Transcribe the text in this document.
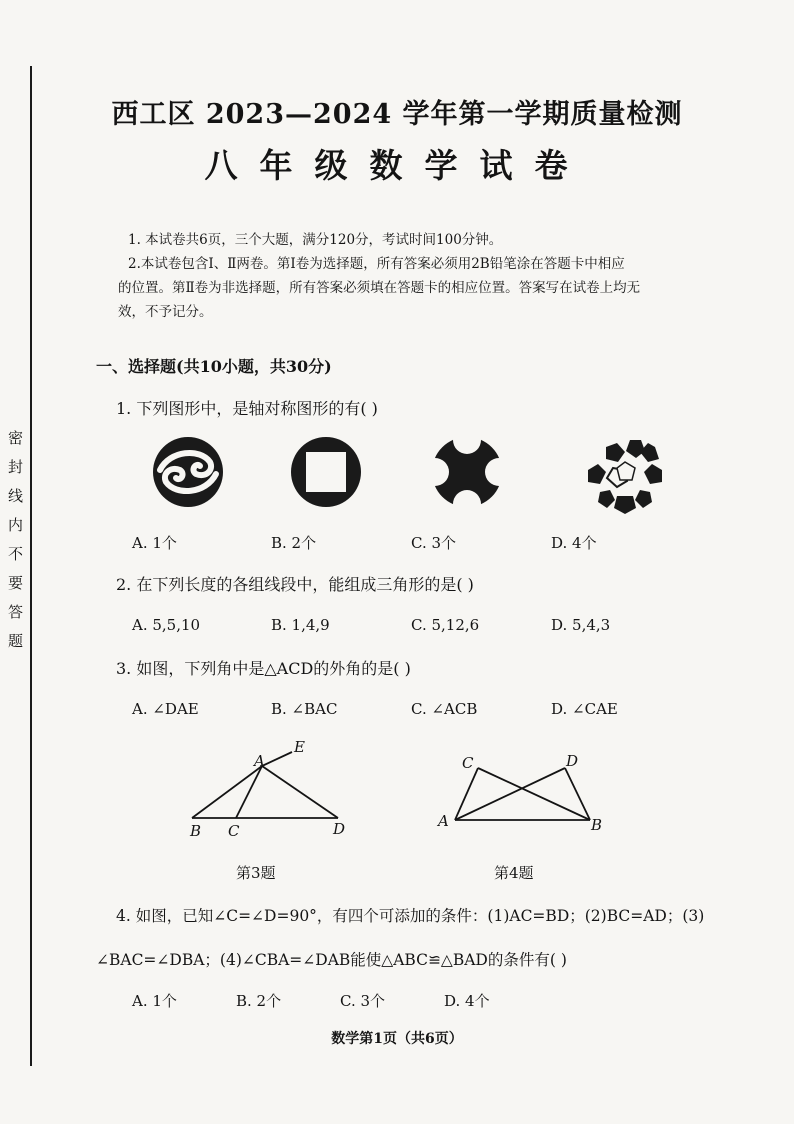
密封线内不要答题
西工区 2023—2024 学年第一学期质量检测
八年级数学试卷
1. 本试卷共6页，三个大题，满分120分，考试时间100分钟。
2.本试卷包含Ⅰ、Ⅱ两卷。第Ⅰ卷为选择题，所有答案必须用2B铅笔涂在答题卡中相应
的位置。第Ⅱ卷为非选择题，所有答案必须填在答题卡的相应位置。答案写在试卷上均无
效，不予记分。
一、选择题(共10小题，共30分)
1. 下列图形中，是轴对称图形的有( )
A. 1个	B. 2个	C. 3个	D. 4个
2. 在下列长度的各组线段中，能组成三角形的是( )
A. 5,5,10	B. 1,4,9	C. 5,12,6	D. 5,4,3
3. 如图，下列角中是△ACD的外角的是( )
A. ∠DAE	B. ∠BAC	C. ∠ACB	D. ∠CAE
A
B C	D
E
A	B
C	D
第3题	第4题
4. 如图，已知∠C=∠D=90°，有四个可添加的条件：(1)AC=BD；(2)BC=AD；(3)
∠BAC=∠DBA；(4)∠CBA=∠DAB能使△ABC≌△BAD的条件有( )
A. 1个	B. 2个	C. 3个	D. 4个
数学第1页（共6页）
